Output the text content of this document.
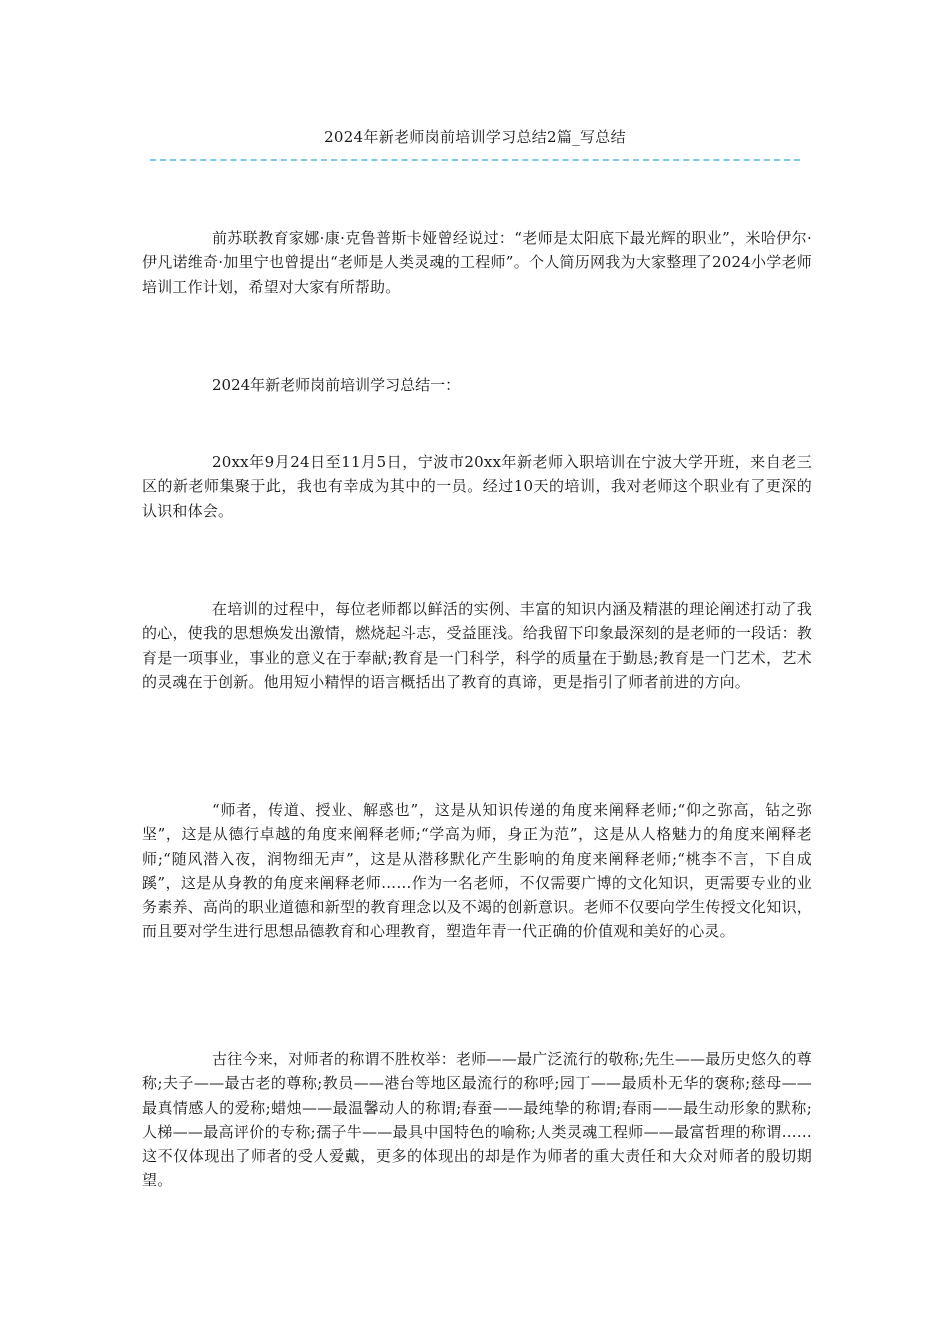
2024年新老师岗前培训学习总结2篇_写总结

前苏联教育家娜·康·克鲁普斯卡娅曾经说过：“老师是太阳底下最光辉的职业”，米哈伊尔·伊凡诺维奇·加里宁也曾提出“老师是人类灵魂的工程师”。个人简历网我为大家整理了2024小学老师培训工作计划，希望对大家有所帮助。

2024年新老师岗前培训学习总结一：

20xx年9月24日至11月5日，宁波市20xx年新老师入职培训在宁波大学开班，来自老三区的新老师集聚于此，我也有幸成为其中的一员。经过10天的培训，我对老师这个职业有了更深的认识和体会。

在培训的过程中，每位老师都以鲜活的实例、丰富的知识内涵及精湛的理论阐述打动了我的心，使我的思想焕发出激情，燃烧起斗志，受益匪浅。给我留下印象最深刻的是老师的一段话：教育是一项事业，事业的意义在于奉献;教育是一门科学，科学的质量在于勤恳;教育是一门艺术，艺术的灵魂在于创新。他用短小精悍的语言概括出了教育的真谛，更是指引了师者前进的方向。

“师者，传道、授业、解惑也”，这是从知识传递的角度来阐释老师;“仰之弥高，钻之弥坚”，这是从德行卓越的角度来阐释老师;“学高为师，身正为范”，这是从人格魅力的角度来阐释老师;“随风潜入夜，润物细无声”，这是从潜移默化产生影响的角度来阐释老师;“桃李不言，下自成蹊”，这是从身教的角度来阐释老师……作为一名老师，不仅需要广博的文化知识，更需要专业的业务素养、高尚的职业道德和新型的教育理念以及不竭的创新意识。老师不仅要向学生传授文化知识，而且要对学生进行思想品德教育和心理教育，塑造年青一代正确的价值观和美好的心灵。

古往今来，对师者的称谓不胜枚举：老师——最广泛流行的敬称;先生——最历史悠久的尊称;夫子——最古老的尊称;教员——港台等地区最流行的称呼;园丁——最质朴无华的褒称;慈母——最真情感人的爱称;蜡烛——最温馨动人的称谓;春蚕——最纯挚的称谓;春雨——最生动形象的默称;人梯——最高评价的专称;孺子牛——最具中国特色的喻称;人类灵魂工程师——最富哲理的称谓……这不仅体现出了师者的受人爱戴，更多的体现出的却是作为师者的重大责任和大众对师者的殷切期望。
